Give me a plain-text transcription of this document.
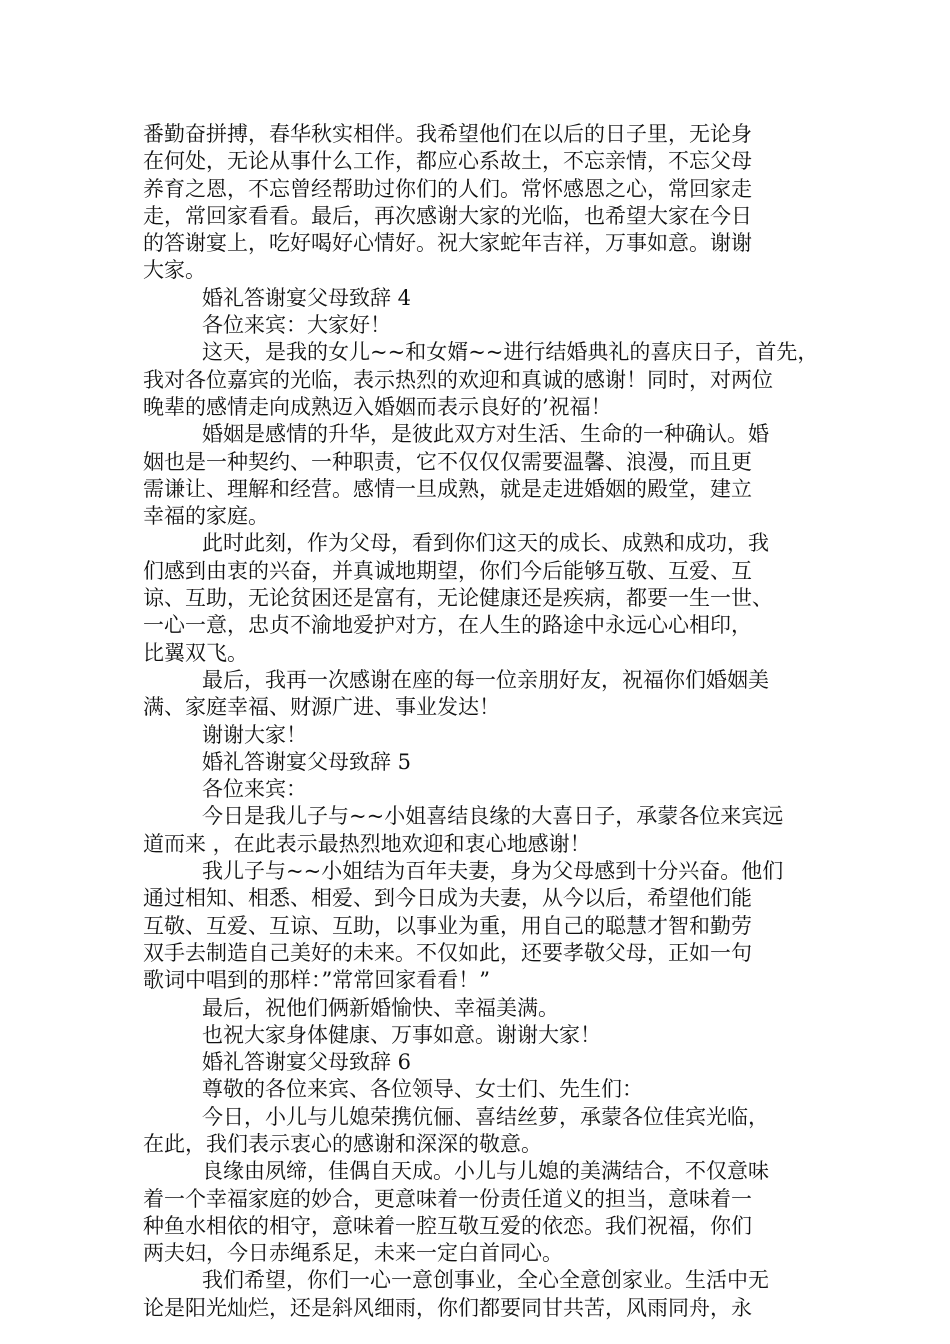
番勤奋拼搏，春华秋实相伴。我希望他们在以后的日子里，无论身
在何处，无论从事什么工作，都应心系故土，不忘亲情，不忘父母
养育之恩，不忘曾经帮助过你们的人们。常怀感恩之心，常回家走
走，常回家看看。最后，再次感谢大家的光临，也希望大家在今日
的答谢宴上，吃好喝好心情好。祝大家蛇年吉祥，万事如意。谢谢
大家。
婚礼答谢宴父母致辞 4
各位来宾：大家好！
这天，是我的女儿~~和女婿~~进行结婚典礼的喜庆日子，首先，
我对各位嘉宾的光临，表示热烈的欢迎和真诚的感谢！同时，对两位
晚辈的感情走向成熟迈入婚姻而表示良好的’祝福！
婚姻是感情的升华，是彼此双方对生活、生命的一种确认。婚
姻也是一种契约、一种职责，它不仅仅仅需要温馨、浪漫，而且更
需谦让、理解和经营。感情一旦成熟，就是走进婚姻的殿堂，建立
幸福的家庭。
此时此刻，作为父母，看到你们这天的成长、成熟和成功，我
们感到由衷的兴奋，并真诚地期望，你们今后能够互敬、互爱、互
谅、互助，无论贫困还是富有，无论健康还是疾病，都要一生一世、
一心一意，忠贞不渝地爱护对方，在人生的路途中永远心心相印，
比翼双飞。
最后，我再一次感谢在座的每一位亲朋好友，祝福你们婚姻美
满、家庭幸福、财源广进、事业发达！
谢谢大家！
婚礼答谢宴父母致辞 5
各位来宾：
今日是我儿子与~~小姐喜结良缘的大喜日子，承蒙各位来宾远
道而来 ，在此表示最热烈地欢迎和衷心地感谢！
我儿子与~~小姐结为百年夫妻，身为父母感到十分兴奋。他们
通过相知、相悉、相爱、到今日成为夫妻，从今以后，希望他们能
互敬、互爱、互谅、互助，以事业为重，用自己的聪慧才智和勤劳
双手去制造自己美好的未来。不仅如此，还要孝敬父母，正如一句
歌词中唱到的那样：”常常回家看看！”
最后，祝他们俩新婚愉快、幸福美满。
也祝大家身体健康、万事如意。谢谢大家！
婚礼答谢宴父母致辞 6
尊敬的各位来宾、各位领导、女士们、先生们：
今日，小儿与儿媳荣携伉俪、喜结丝萝，承蒙各位佳宾光临，
在此，我们表示衷心的感谢和深深的敬意。
良缘由夙缔，佳偶自天成。小儿与儿媳的美满结合，不仅意味
着一个幸福家庭的妙合，更意味着一份责任道义的担当，意味着一
种鱼水相依的相守，意味着一腔互敬互爱的依恋。我们祝福，你们
两夫妇，今日赤绳系足，未来一定白首同心。
我们希望，你们一心一意创事业，全心全意创家业。生活中无
论是阳光灿烂，还是斜风细雨，你们都要同甘共苦，风雨同舟，永
